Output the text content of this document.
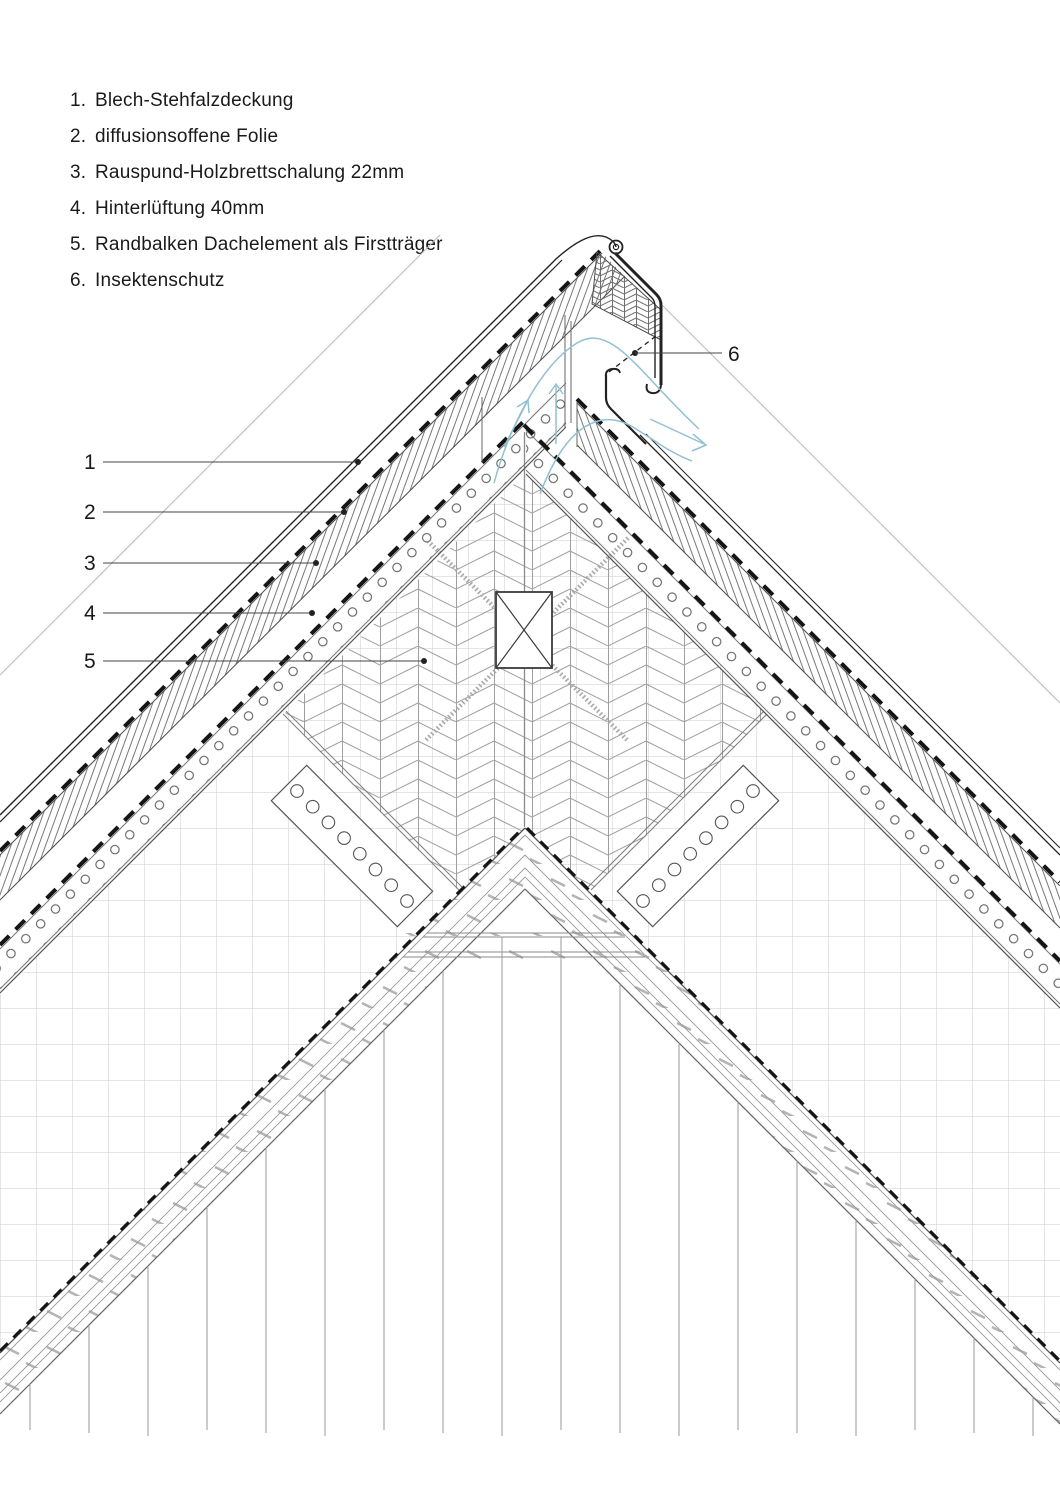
1. Blech-Stehfalzdeckung
2. diffusionsoffene Folie
3. Rauspund-Holzbrettschalung 22mm
4. Hinterlüftung 40mm
5. Randbalken Dachelement als Firstträger
6. Insektenschutz
1
2
3
4
5
6
